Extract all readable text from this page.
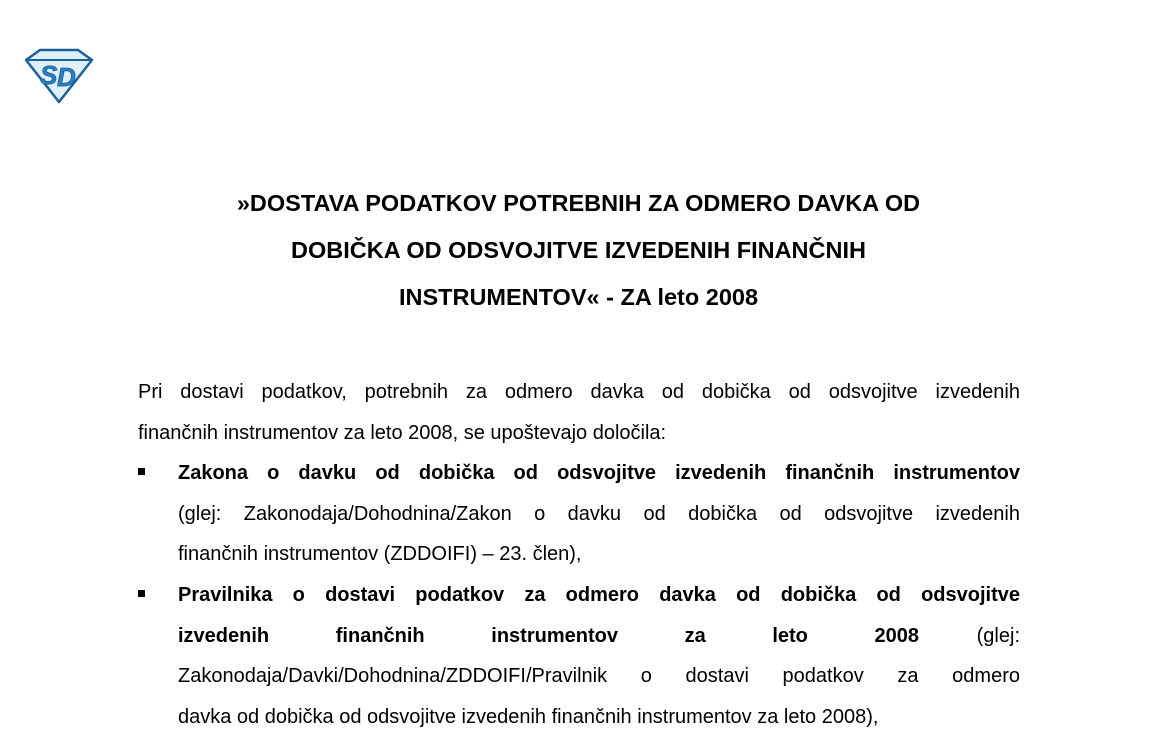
S D
»DOSTAVA PODATKOV POTREBNIH ZA ODMERO DAVKA OD
DOBIČKA OD ODSVOJITVE IZVEDENIH FINANČNIH
INSTRUMENTOV« - ZA leto 2008
Pri dostavi podatkov, potrebnih za odmero davka od dobička od odsvojitve izvedenih
finančnih instrumentov za leto 2008, se upoštevajo določila:
Zakona o davku od dobička od odsvojitve izvedenih finančnih instrumentov
(glej: Zakonodaja/Dohodnina/Zakon o davku od dobička od odsvojitve izvedenih
finančnih instrumentov (ZDDOIFI) – 23. člen),
Pravilnika o dostavi podatkov za odmero davka od dobička od odsvojitve
izvedenih	finančnih	instrumentov	za	leto	2008	(glej:
Zakonodaja/Davki/Dohodnina/ZDDOIFI/Pravilnik o dostavi podatkov za odmero
davka od dobička od odsvojitve izvedenih finančnih instrumentov za leto 2008),
